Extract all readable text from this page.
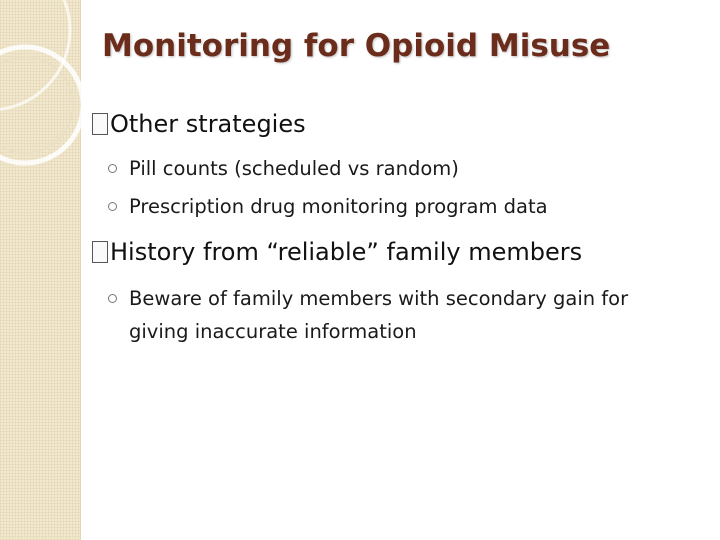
Monitoring for Opioid Misuse
Other strategies
Pill counts (scheduled vs random)
Prescription drug monitoring program data
History from “reliable” family members
Beware of family members with secondary gain for
giving inaccurate information
